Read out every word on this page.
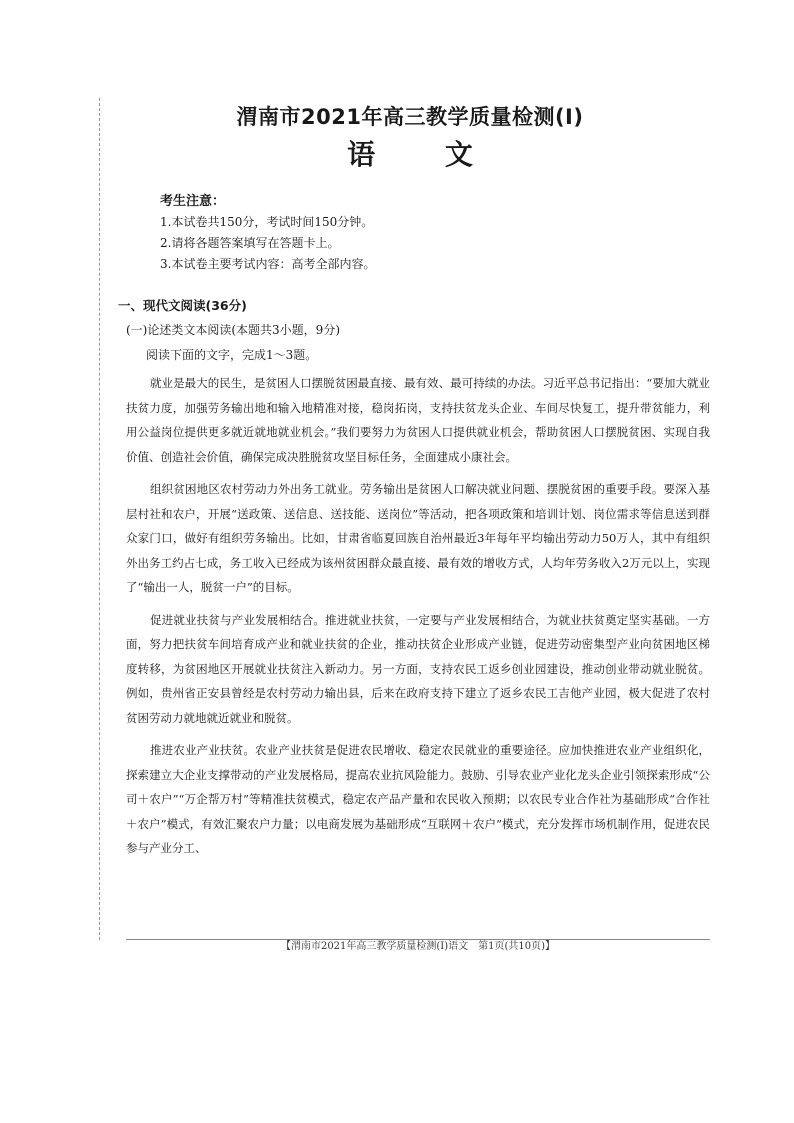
渭南市2021年高三教学质量检测(Ⅰ)
语 文
考生注意：
1.本试卷共150分，考试时间150分钟。
2.请将各题答案填写在答题卡上。
3.本试卷主要考试内容：高考全部内容。
一、现代文阅读(36分)
(一)论述类文本阅读(本题共3小题，9分)
阅读下面的文字，完成1～3题。

就业是最大的民生，是贫困人口摆脱贫困最直接、最有效、最可持续的办法。习近平总书记指出：“要加大就业扶贫力度，加强劳务输出地和输入地精准对接，稳岗拓岗，支持扶贫龙头企业、车间尽快复工，提升带贫能力，利用公益岗位提供更多就近就地就业机会。”我们要努力为贫困人口提供就业机会，帮助贫困人口摆脱贫困、实现自我价值、创造社会价值，确保完成决胜脱贫攻坚目标任务，全面建成小康社会。

组织贫困地区农村劳动力外出务工就业。劳务输出是贫困人口解决就业问题、摆脱贫困的重要手段。要深入基层村社和农户，开展“送政策、送信息、送技能、送岗位”等活动，把各项政策和培训计划、岗位需求等信息送到群众家门口，做好有组织劳务输出。比如，甘肃省临夏回族自治州最近3年每年平均输出劳动力50万人，其中有组织外出务工约占七成，务工收入已经成为该州贫困群众最直接、最有效的增收方式，人均年劳务收入2万元以上，实现了“输出一人，脱贫一户”的目标。

促进就业扶贫与产业发展相结合。推进就业扶贫，一定要与产业发展相结合，为就业扶贫奠定坚实基础。一方面，努力把扶贫车间培育成产业和就业扶贫的企业，推动扶贫企业形成产业链，促进劳动密集型产业向贫困地区梯度转移，为贫困地区开展就业扶贫注入新动力。另一方面，支持农民工返乡创业园建设，推动创业带动就业脱贫。例如，贵州省正安县曾经是农村劳动力输出县，后来在政府支持下建立了返乡农民工吉他产业园，极大促进了农村贫困劳动力就地就近就业和脱贫。

推进农业产业扶贫。农业产业扶贫是促进农民增收、稳定农民就业的重要途径。应加快推进农业产业组织化，探索建立大企业支撑带动的产业发展格局，提高农业抗风险能力。鼓励、引导农业产业化龙头企业引领探索形成“公司＋农户”“万企帮万村”等精准扶贫模式，稳定农产品产量和农民收入预期；以农民专业合作社为基础形成“合作社＋农户”模式，有效汇聚农户力量；以电商发展为基础形成“互联网＋农户”模式，充分发挥市场机制作用，促进农民参与产业分工、

【渭南市2021年高三教学质量检测(Ⅰ)语文　第1页(共10页)】
